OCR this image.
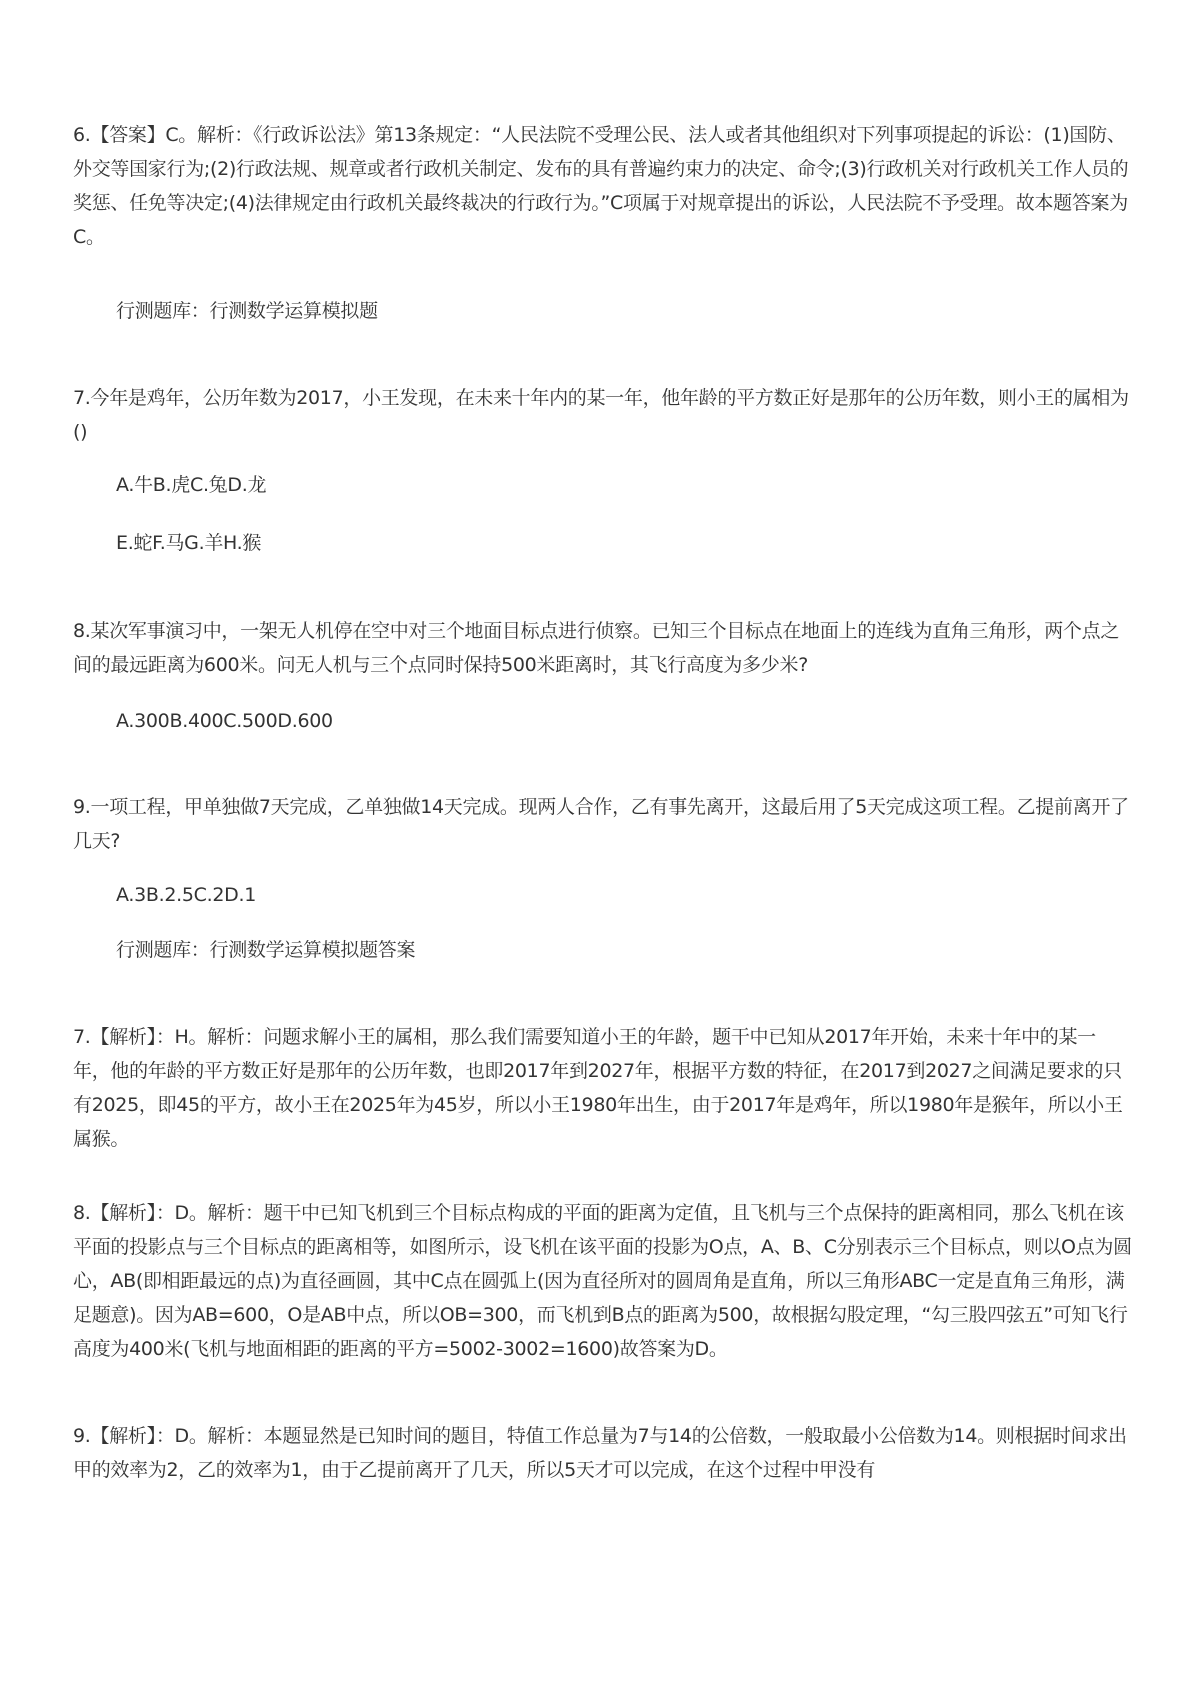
6.【答案】C。解析：《行政诉讼法》第13条规定：“人民法院不受理公民、法人或者其他组织对下列事项提起的诉讼：(1)国防、外交等国家行为;(2)行政法规、规章或者行政机关制定、发布的具有普遍约束力的决定、命令;(3)行政机关对行政机关工作人员的奖惩、任免等决定;(4)法律规定由行政机关最终裁决的行政行为。”C项属于对规章提出的诉讼，人民法院不予受理。故本题答案为C。

行测题库：行测数学运算模拟题

7.今年是鸡年，公历年数为2017，小王发现，在未来十年内的某一年，他年龄的平方数正好是那年的公历年数，则小王的属相为()

A.牛B.虎C.兔D.龙

E.蛇F.马G.羊H.猴

8.某次军事演习中，一架无人机停在空中对三个地面目标点进行侦察。已知三个目标点在地面上的连线为直角三角形，两个点之间的最远距离为600米。问无人机与三个点同时保持500米距离时，其飞行高度为多少米?

A.300B.400C.500D.600

9.一项工程，甲单独做7天完成，乙单独做14天完成。现两人合作，乙有事先离开，这最后用了5天完成这项工程。乙提前离开了几天?

A.3B.2.5C.2D.1

行测题库：行测数学运算模拟题答案

7.【解析】：H。解析：问题求解小王的属相，那么我们需要知道小王的年龄，题干中已知从2017年开始，未来十年中的某一年，他的年龄的平方数正好是那年的公历年数，也即2017年到2027年，根据平方数的特征，在2017到2027之间满足要求的只有2025，即45的平方，故小王在2025年为45岁，所以小王1980年出生，由于2017年是鸡年，所以1980年是猴年，所以小王属猴。

8.【解析】：D。解析：题干中已知飞机到三个目标点构成的平面的距离为定值，且飞机与三个点保持的距离相同，那么飞机在该平面的投影点与三个目标点的距离相等，如图所示，设飞机在该平面的投影为O点，A、B、C分别表示三个目标点，则以O点为圆心，AB(即相距最远的点)为直径画圆，其中C点在圆弧上(因为直径所对的圆周角是直角，所以三角形ABC一定是直角三角形，满足题意)。因为AB=600，O是AB中点，所以OB=300，而飞机到B点的距离为500，故根据勾股定理，“勾三股四弦五”可知飞行高度为400米(飞机与地面相距的距离的平方=5002-3002=1600)故答案为D。

9.【解析】：D。解析：本题显然是已知时间的题目，特值工作总量为7与14的公倍数，一般取最小公倍数为14。则根据时间求出甲的效率为2，乙的效率为1，由于乙提前离开了几天，所以5天才可以完成，在这个过程中甲没有
